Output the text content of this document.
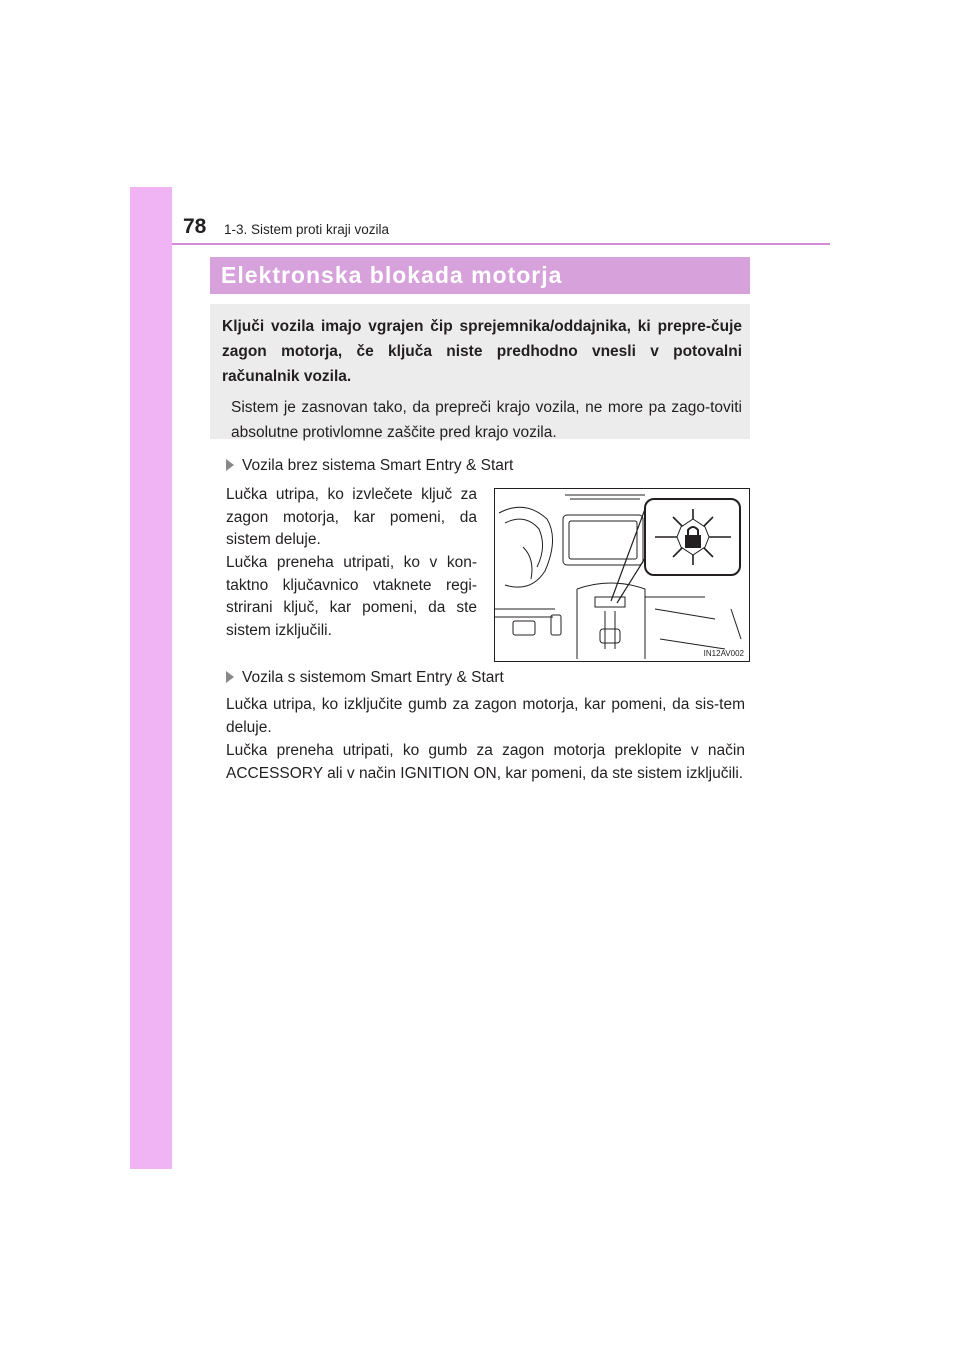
78 1-3. Sistem proti kraji vozila
Elektronska blokada motorja

Ključi vozila imajo vgrajen čip sprejemnika/oddajnika, ki prepre-čuje zagon motorja, če ključa niste predhodno vnesli v potovalni računalnik vozila.

Sistem je zasnovan tako, da prepreči krajo vozila, ne more pa zago-toviti absolutne protivlomne zaščite pred krajo vozila.

Vozila brez sistema Smart Entry & Start

Lučka utripa, ko izvlečete ključ za zagon motorja, kar pomeni, da sistem deluje.

Lučka preneha utripati, ko v kon-taktno ključavnico vtaknete regi-strirani ključ, kar pomeni, da ste sistem izključili.

IN12AV002
Vozila s sistemom Smart Entry & Start

Lučka utripa, ko izključite gumb za zagon motorja, kar pomeni, da sis-tem deluje.

Lučka preneha utripati, ko gumb za zagon motorja preklopite v način ACCESSORY ali v način IGNITION ON, kar pomeni, da ste sistem izključili.
